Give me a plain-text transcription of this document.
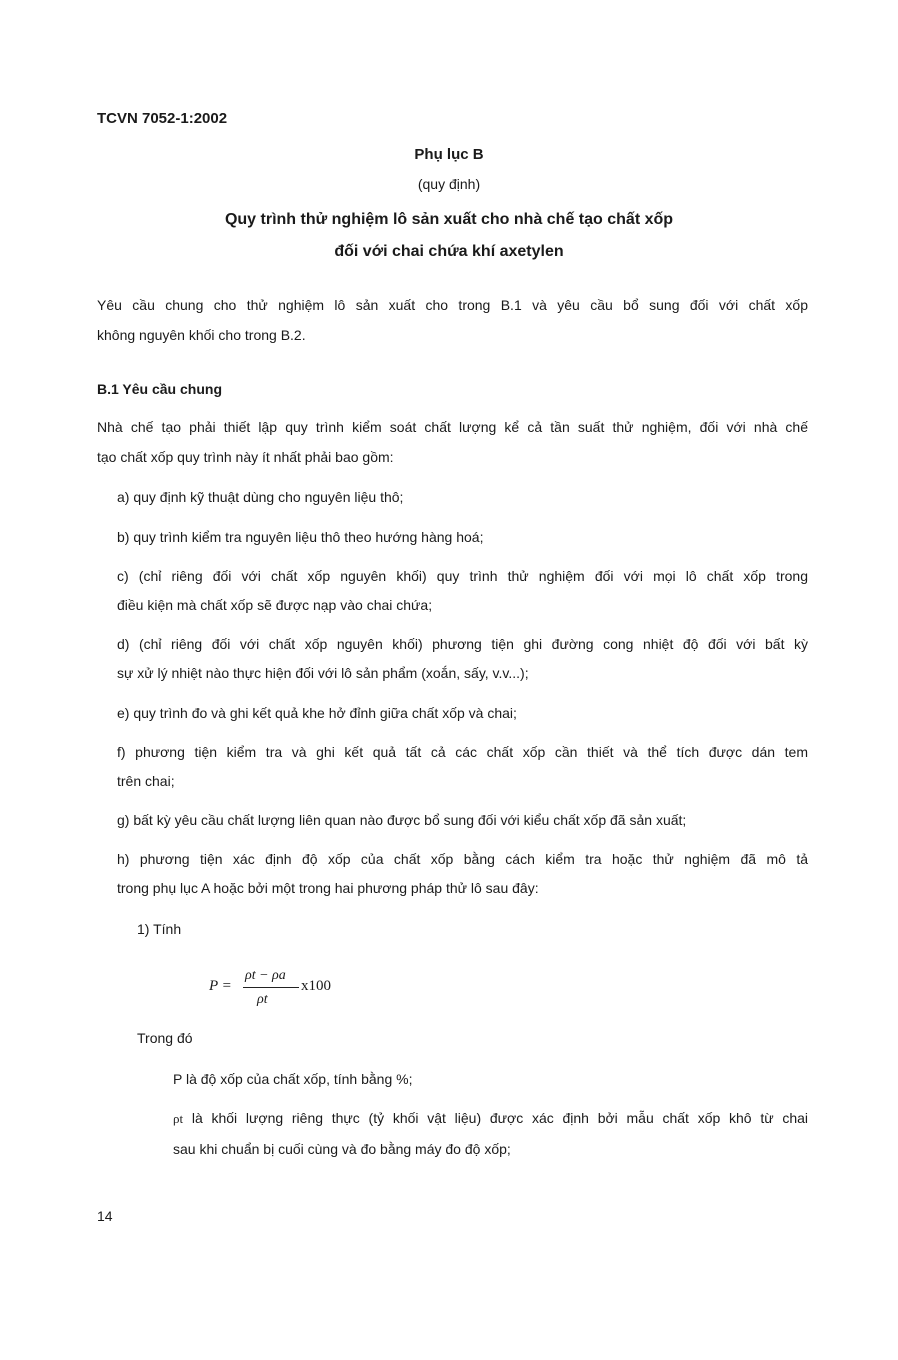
TCVN 7052-1:2002
Phụ lục B
(quy định)
Quy trình thử nghiệm lô sản xuất cho nhà chế tạo chất xốp
đối với chai chứa khí axetylen
Yêu cầu chung cho thử nghiệm lô sản xuất cho trong B.1 và yêu cầu bổ sung đối với chất xốp
không nguyên khối cho trong B.2.
B.1 Yêu cầu chung
Nhà chế tạo phải thiết lập quy trình kiểm soát chất lượng kể cả tần suất thử nghiệm, đối với nhà chế
tạo chất xốp quy trình này ít nhất phải bao gồm:
a) quy định kỹ thuật dùng cho nguyên liệu thô;
b) quy trình kiểm tra nguyên liệu thô theo hướng hàng hoá;
c) (chỉ riêng đối với chất xốp nguyên khối) quy trình thử nghiệm đối với mọi lô chất xốp trong
điều kiện mà chất xốp sẽ được nạp vào chai chứa;
d) (chỉ riêng đối với chất xốp nguyên khối) phương tiện ghi đường cong nhiệt độ đối với bất kỳ
sự xử lý nhiệt nào thực hiện đối với lô sản phẩm (xoắn, sấy, v.v...);
e) quy trình đo và ghi kết quả khe hở đỉnh giữa chất xốp và chai;
f) phương tiện kiểm tra và ghi kết quả tất cả các chất xốp cần thiết và thể tích được dán tem
trên chai;
g) bất kỳ yêu cầu chất lượng liên quan nào được bổ sung đối với kiểu chất xốp đã sản xuất;
h) phương tiện xác định độ xốp của chất xốp bằng cách kiểm tra hoặc thử nghiệm đã mô tả
trong phụ lục A hoặc bởi một trong hai phương pháp thử lô sau đây:
1) Tính
P =
ρt − ρa
ρt
x100
Trong đó
P là độ xốp của chất xốp, tính bằng %;
ρt là khối lượng riêng thực (tỷ khối vật liệu) được xác định bởi mẫu chất xốp khô từ chai
sau khi chuẩn bị cuối cùng và đo bằng máy đo độ xốp;
14
